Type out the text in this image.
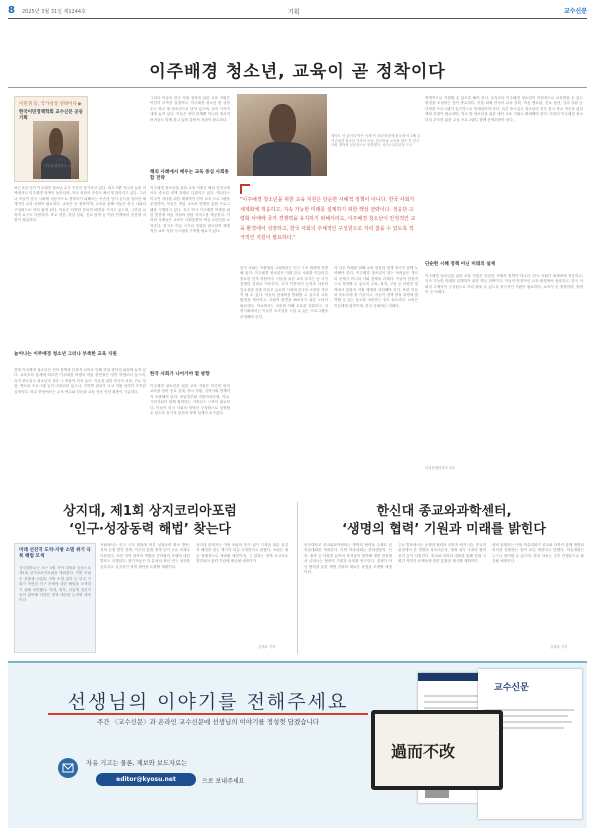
8 2025년 3월 31일 제1244호	기획	교수신문
이주배경 청소년, 교육이 곧 정착이다
이민경 동, 국가성장 전략이다 ▶
한국이민정책학회 교수신문 공동기획
박미정
디딤돌센터학교 교수

최근 5년 사이 이주배경 청소년 수가 꾸준히 증가하고 있다. 대도시뿐 아니라 농촌 지역에서도 이주배경 학생이 늘어나며, 학교 현장의 모습도 빠르게 달라지고 있다. 그러나 이들이 한국 사회에 성공적으로 정착하기 위해서는 단순한 언어 습득을 넘어선 체계적인 교육 지원이 필요하다. 교육은 곧 정착이며, 교육을 통해 이들은 한국 사회의 구성원으로 자리 잡게 된다. 이들은 다양한 문화적 배경을 가지고 있으며, 그만큼 교육적 요구도 다양하다. 학교 적응, 학업 성취, 진로 탐색 등 여러 단계에서 맞춤형 지원이 절실하다.

늘어나는 이주배경 청소년 그러나 부족한 교육 지원

현재 이주배경 청소년은 언어 장벽과 문화적 차이로 인해 학업 중단의 위험에 놓여 있다. 교육부의 통계에 따르면 이주배경 학생의 학업 중단율은 일반 학생보다 높으며, 특히 중도입국 청소년의 경우 그 비율이 더욱 높다. 이들을 위한 한국어 교육, 진로 상담, 멘토링 프로그램 등이 마련되어 있으나, 지역별 편차가 크고 지원 인력이 부족한 실정이다. 학교 현장에서는 교사 연수와 다문화 교육 전문 인력 확충이 시급하다.

그러나 이들의 한국 사회 정착을 위한 교육 지원은 여전히 부족한 실정이다. 이주배경 청소년 중 상당수는 학교 밖 청소년으로 남아 있으며, 교육 사각지대에 놓여 있다. 이들은 언어 문제뿐 아니라 정서적 어려움도 함께 겪고 있어 통합적 지원이 필요하다.

해외 사례에서 배우는 교육 중심 사회통합 전략

이주배경 청소년을 위한 교육 지원은 해외 선진국에서도 중요한 정책 과제로 다뤄지고 있다. 캐나다는 이주민 자녀를 위한 체계적인 언어 교육 프로그램을 운영하며, 독일은 직업 교육과 연계한 통합 프로그램을 시행하고 있다. 호주 역시 이주배경 학생을 위한 맞춤형 학습 지원과 상담 서비스를 제공한다. 이러한 사례들은 교육이 사회통합의 핵심 수단임을 보여준다. 한국도 이들 국가의 경험을 참고하여 체계적인 교육 지원 시스템을 구축할 필요가 있다.

한국 사회가 나아가야 할 방향

이주배경 청소년을 위한 교육 지원은 단순한 언어 교육을 넘어 진로 설계, 정서 지원, 지역사회 연계까지 포괄해야 한다. 중앙정부와 지방자치단체, 학교, 시민사회가 함께 협력하는 거버넌스 구축이 필요하다. 이들이 한국 사회의 당당한 구성원으로 성장할 수 있도록 장기적 관점의 정책 설계가 요구된다.

제자르 인 출신의 박은 사례 여 파리에 함께 한국에 이주해 온 이주배경 청소년 가족의 모습. 한국어와 교육을 받은 후 한국 사회 정착에 성공적으로 안착했다. 사진=교수신문 도시
"이주배경 청소년을 위한 교육 지원은 단순한 시혜적 정책이 아니다. 한국 사회가 세계화에 적응하고, 지속 가능한 미래를 설계하기 위한 핵심 전략이다. 적응단·고령화 사태에 국가 경쟁력을 유지하기 위해서라도, 이주배경 청소년이 안정적인 교육 환경에서 성장하고, 한국 사회의 주체적인 구성원으로 자리 잡을 수 있도록 적극적인 지원이 필요하다."

한국 사회는 저출생과 고령화라는 인구 구조 변화에 직면해 있다. 이주배경 청소년은 미래 한국 사회를 이끌어갈 중요한 인적 자원이다. 이들을 위한 교육 투자는 곧 국가 경쟁력 강화로 이어진다. 특히 이중언어 능력과 다문화 감수성을 갖춘 이들은 글로벌 시대에 한국의 소중한 자산이 될 수 있다. 이들의 잠재력을 발휘할 수 있도록 교육 환경을 개선하고, 사회적 편견을 해소하기 위한 노력이 필요하다. 학교에서는 다문화 이해 교육을 강화하고, 지역사회에서는 이들이 소속감을 느낄 수 있는 프로그램을 운영해야 한다.

더 나은 미래를 위해 교육 현장과 정책 당국이 함께 노력해야 한다. 이주배경 청소년이 겪는 어려움은 개인의 문제가 아니라 사회 전체의 과제다. 이들이 안정적으로 정착할 수 있도록 교육, 복지, 고용 등 다양한 영역에서 통합적 지원 체계를 마련해야 한다. 또한 이들의 목소리에 귀 기울이고, 이들이 정책 결정 과정에 참여할 수 있는 통로를 마련하는 것도 중요하다. 교육은 이들에게 희망이며, 한국 사회에는 미래다.

정책적으로 지원할 수 있도록 해야 한다. 무엇보다 이주배경 청소년이 안정적으로 교육받을 수 있는 환경을 조성하는 것이 중요하다. 이를 위해 한국어 교육 강화, 학습 멘토링, 진로 상담, 심리 지원 등 다양한 프로그램이 유기적으로 연계되어야 한다. 특히 중도입국 청소년의 경우 한국 학교 적응을 위한 예비 과정이 필요하며, 학교 밖 청소년을 위한 대안 교육 기회도 확대해야 한다. 아울러 이주배경 청소년의 부모를 위한 교육 프로그램도 함께 운영되어야 한다.

단순한 시혜 정책 아닌 미래의 설계

이주배경 청소년을 위한 교육 지원은 단순한 시혜적 정책이 아니다. 한국 사회가 세계화에 적응하고, 지속 가능한 미래를 설계하기 위한 핵심 전략이다. 이들이 안정적인 교육 환경에서 성장하고, 한국 사회의 주체적인 구성원으로 자리 잡을 수 있도록 적극적인 지원이 필요하다. 교육이 곧 정착이며, 정착이 곧 미래다.

디딤돌센터학교 교수
상지대, 제1회 상지코리아포럼
‘인구·성장동력 해법’ 찾는다
미래 선진국 도약·지방 소멸 위기 극복 해법 모색

상지대학교는 오는 4월 지역 대학과 공동으로 제1회 상지코리아포럼을 개최한다. 이번 포럼은 저출생·고령화, 지방 소멸 위기 등 한국 사회가 직면한 인구 문제에 대한 해법을 모색하기 위해 마련됐다. 학계, 정부, 산업계 전문가들이 참여해 다양한 정책 대안을 논의할 예정이다.

포럼에서는 인구 구조 변화에 따른 성장동력 확보 방안, 지역 균형 발전 전략, 이주민 통합 정책 등이 주요 의제로 다뤄진다. 또한 지역 대학의 역할과 산학협력 모델에 대한 발표도 진행된다. 참가자들은 각 분야의 최신 연구 성과를 공유하고 실질적인 정책 제안을 도출할 계획이다.

상지대 관계자는 이번 포럼이 인구 위기 극복을 위한 실질적 해법을 찾는 계기가 되길 기대한다고 밝혔다. 포럼은 매년 정례적으로 개최될 예정이며, 그 결과는 정책 보고서로 발간되어 관련 기관에 제공될 예정이다.

김재호 기자
한신대 종교와과학센터,
‘생명의 협력’ 기원과 미래를 밝힌다

한신대학교 종교와과학센터는 생명의 협력을 주제로 한 학술대회를 개최한다. 이번 학술대회는 진화생물학, 신학, 철학 등 다양한 분야의 학자들이 참여해 생명 현상에서 나타나는 협력의 기원과 의미를 탐구한다. 경쟁이 아닌 협력을 통한 생명 진화의 새로운 관점을 조명할 예정이다.

주요 발표에서는 공생과 협력의 진화적 메커니즘, 종교적 관점에서 본 생명의 상호의존성, 생태 위기 시대의 협력 윤리 등이 다뤄진다. 종교와 과학의 대화를 통해 현대 사회가 직면한 문제들에 대한 통찰을 제시할 계획이다.

센터 관계자는 이번 학술대회가 종교와 과학이 함께 생명의 의미를 성찰하는 장이 되길 바란다고 말했다. 학술대회는 누구나 참여할 수 있으며, 발표 자료는 추후 단행본으로 출간될 예정이다.

김재호 기자
선생님의 이야기를 전해주세요
주간 〈교수신문〉과 온라인 교수신문에 선생님의 이야기를 정성껏 담겠습니다
자유 기고는 물론, 제보와 보도자료는
editor@kyosu.net	으로 보내주세요
교수신문
過而不改
